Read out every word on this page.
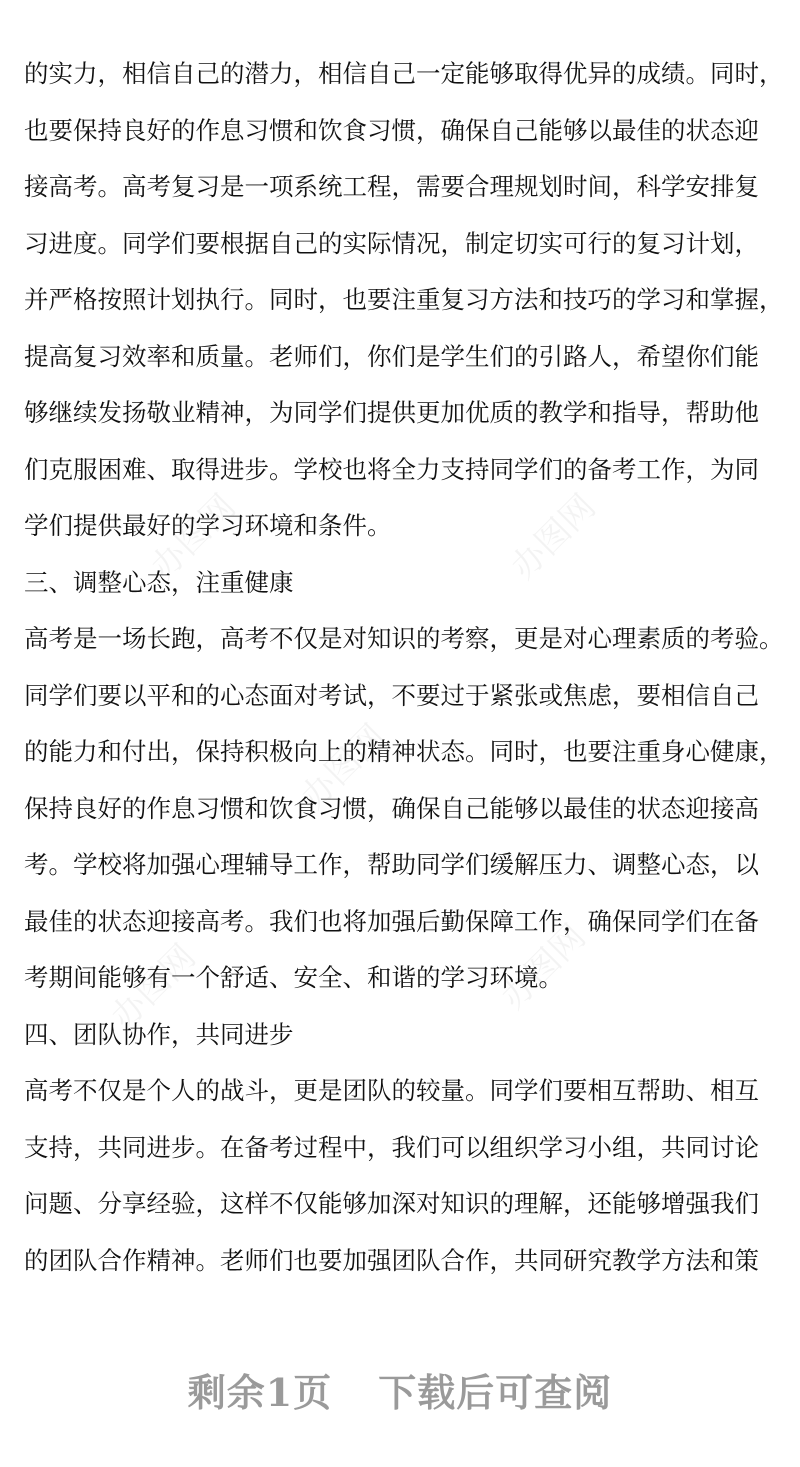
的实力，相信自己的潜力，相信自己一定能够取得优异的成绩。同时，
也要保持良好的作息习惯和饮食习惯，确保自己能够以最佳的状态迎
接高考。高考复习是一项系统工程，需要合理规划时间，科学安排复
习进度。同学们要根据自己的实际情况，制定切实可行的复习计划，
并严格按照计划执行。同时，也要注重复习方法和技巧的学习和掌握，
提高复习效率和质量。老师们，你们是学生们的引路人，希望你们能
够继续发扬敬业精神，为同学们提供更加优质的教学和指导，帮助他
们克服困难、取得进步。学校也将全力支持同学们的备考工作，为同
学们提供最好的学习环境和条件。
三、调整心态，注重健康
高考是一场长跑，高考不仅是对知识的考察，更是对心理素质的考验。
同学们要以平和的心态面对考试，不要过于紧张或焦虑，要相信自己
的能力和付出，保持积极向上的精神状态。同时，也要注重身心健康，
保持良好的作息习惯和饮食习惯，确保自己能够以最佳的状态迎接高
考。学校将加强心理辅导工作，帮助同学们缓解压力、调整心态，以
最佳的状态迎接高考。我们也将加强后勤保障工作，确保同学们在备
考期间能够有一个舒适、安全、和谐的学习环境。
四、团队协作，共同进步
高考不仅是个人的战斗，更是团队的较量。同学们要相互帮助、相互
支持，共同进步。在备考过程中，我们可以组织学习小组，共同讨论
问题、分享经验，这样不仅能够加深对知识的理解，还能够增强我们
的团队合作精神。老师们也要加强团队合作，共同研究教学方法和策
剩余1页 下载后可查阅
